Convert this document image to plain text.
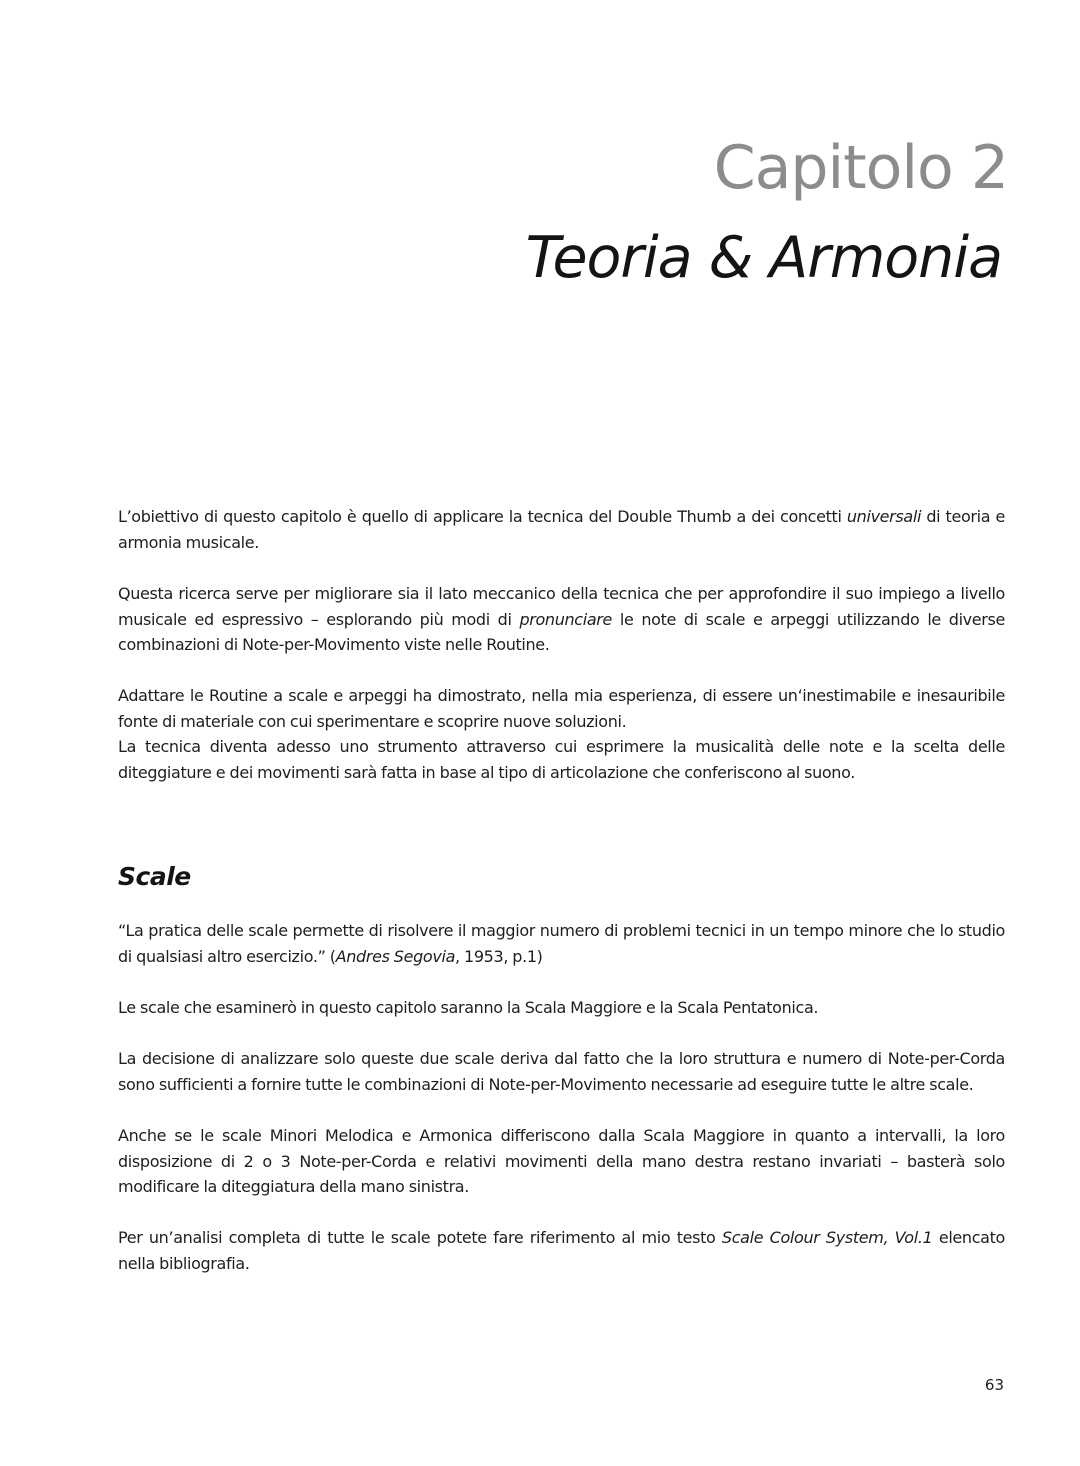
Capitolo 2
Teoria & Armonia

L’obiettivo di questo capitolo è quello di applicare la tecnica del Double Thumb a dei concetti universali di teoria e armonia musicale.

Questa ricerca serve per migliorare sia il lato meccanico della tecnica che per approfondire il suo impiego a livello musicale ed espressivo – esplorando più modi di pronunciare le note di scale e arpeggi utilizzando le diverse combinazioni di Note-per-Movimento viste nelle Routine.

Adattare le Routine a scale e arpeggi ha dimostrato, nella mia esperienza, di essere un‘inestimabile e inesauribile fonte di materiale con cui sperimentare e scoprire nuove soluzioni.
La tecnica diventa adesso uno strumento attraverso cui esprimere la musicalità delle note e la scelta delle diteggiature e dei movimenti sarà fatta in base al tipo di articolazione che conferiscono al suono.

Scale

“La pratica delle scale permette di risolvere il maggior numero di problemi tecnici in un tempo minore che lo studio di qualsiasi altro esercizio.” (Andres Segovia, 1953, p.1)

Le scale che esaminerò in questo capitolo saranno la Scala Maggiore e la Scala Pentatonica.

La decisione di analizzare solo queste due scale deriva dal fatto che la loro struttura e numero di Note-per-Corda sono sufficienti a fornire tutte le combinazioni di Note-per-Movimento necessarie ad eseguire tutte le altre scale.

Anche se le scale Minori Melodica e Armonica differiscono dalla Scala Maggiore in quanto a intervalli, la loro disposizione di 2 o 3 Note-per-Corda e relativi movimenti della mano destra restano invariati – basterà solo modificare la diteggiatura della mano sinistra.

Per un’analisi completa di tutte le scale potete fare riferimento al mio testo Scale Colour System, Vol.1 elencato nella bibliografia.

63
